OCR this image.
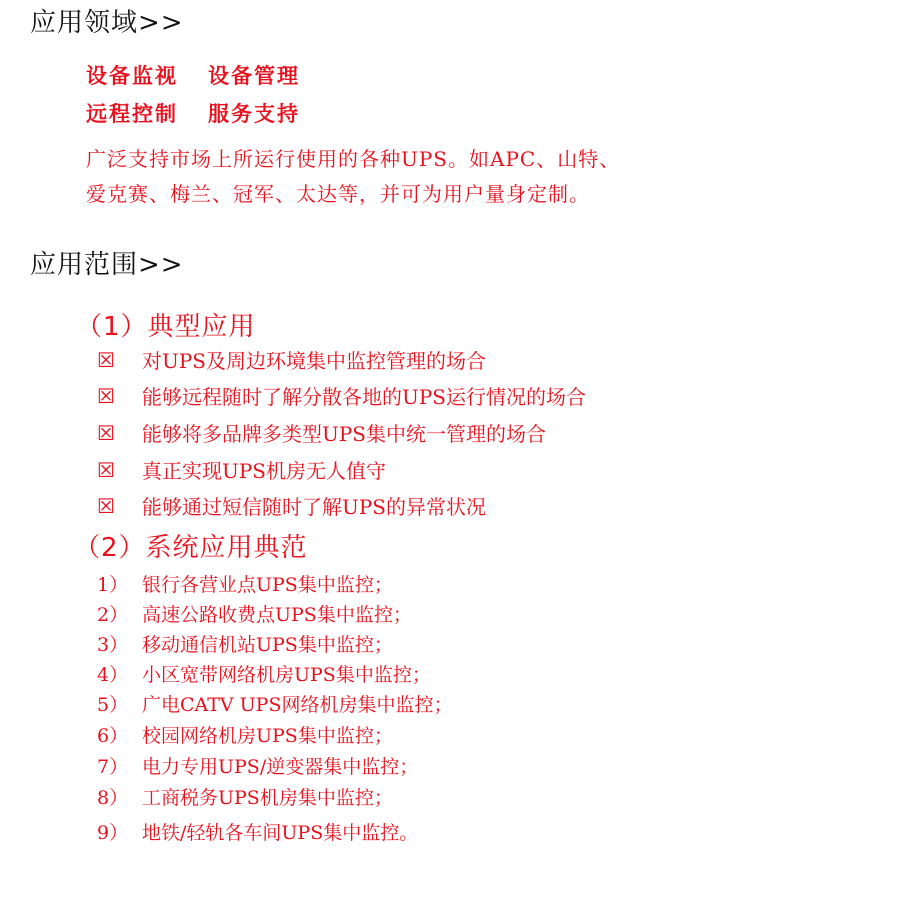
应用领域>>
设备监视 设备管理
远程控制 服务支持
广泛支持市场上所运行使用的各种UPS。如APC、山特、
爱克赛、梅兰、冠军、太达等，并可为用户量身定制。
应用范围>>
（1）典型应用
☒ 对UPS及周边环境集中监控管理的场合
☒ 能够远程随时了解分散各地的UPS运行情况的场合
☒ 能够将多品牌多类型UPS集中统一管理的场合
☒ 真正实现UPS机房无人值守
☒ 能够通过短信随时了解UPS的异常状况
（2）系统应用典范
1） 银行各营业点UPS集中监控；
2） 高速公路收费点UPS集中监控；
3） 移动通信机站UPS集中监控；
4） 小区宽带网络机房UPS集中监控；
5） 广电CATV UPS网络机房集中监控；
6） 校园网络机房UPS集中监控；
7） 电力专用UPS/逆变器集中监控；
8） 工商税务UPS机房集中监控；
9） 地铁/轻轨各车间UPS集中监控。
